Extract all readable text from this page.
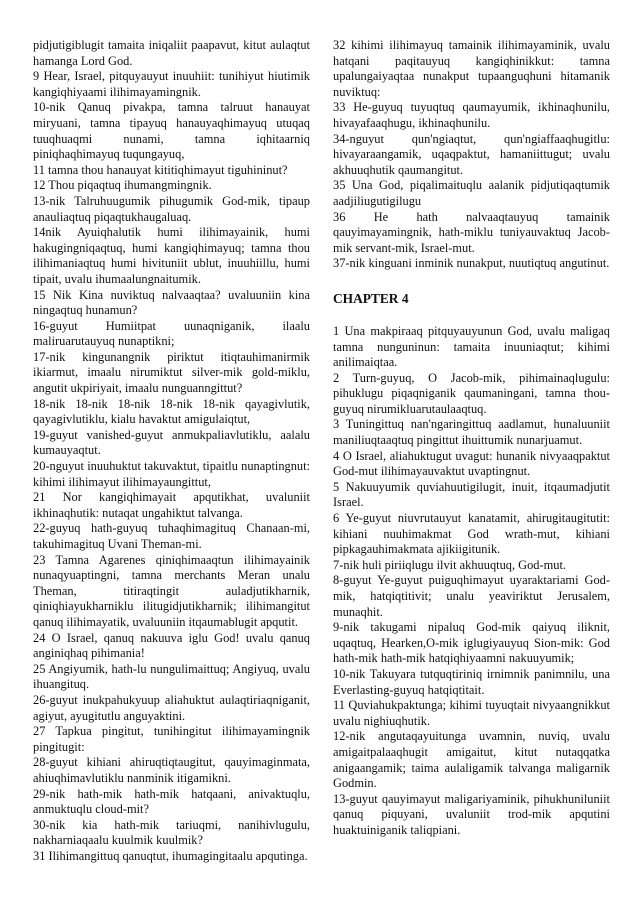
pidjutigiblugit tamaita iniqaliit paapavut, kitut aulaqtut hamanga Lord God.

9 Hear, Israel, pitquyauyut inuuhiit: tunihiyut hiutimik kangiqhiyaami ilihimayamingnik.

10-nik Qanuq pivakpa, tamna talruut hanauyat miryuani, tamna tipayuq hanauyaqhimayuq utuqaq tuuqhuaqmi nunami, tamna iqhitaarniq piniqhaqhimayuq tuqungayuq,

11 tamna thou hanauyat kititiqhimayut tiguhininut?

12 Thou piqaqtuq ihumangmingnik.

13-nik Talruhuugumik pihugumik God-mik, tipaup anauliaqtuq piqaqtukhaugaluaq.

14nik Ayuiqhalutik humi ilihimayainik, humi hakugingniqaqtuq, humi kangiqhimayuq; tamna thou ilihimaniaqtuq humi hivituniit ublut, inuuhiillu, humi tipait, uvalu ihumaalungnaitumik.

15 Nik Kina nuviktuq nalvaaqtaa? uvaluuniin kina ningaqtuq hunamun?

16-guyut Humiitpat uunaqniganik, ilaalu maliruarutauyuq nunaptikni;

17-nik kingunangnik piriktut itiqtauhimanirmik ikiarmut, imaalu nirumiktut silver-mik gold-miklu, angutit ukpiriyait, imaalu nunguanngittut?

18-nik 18-nik 18-nik 18-nik 18-nik qayagivlutik, qayagivlutiklu, kialu havaktut amigulaiqtut,

19-guyut vanished-guyut anmukpaliavlutiklu, aalalu kumauyaqtut.

20-nguyut inuuhuktut takuvaktut, tipaitlu nunaptingnut: kihimi ilihimayut ilihimayaungittut,

21 Nor kangiqhimayait apqutikhat, uvaluniit ikhinaqhutik: nutaqat ungahiktut talvanga.

22-guyuq hath-guyuq tuhaqhimagituq Chanaan-mi, takuhimagituq Uvani Theman-mi.

23 Tamna Agarenes qiniqhimaaqtun ilihimayainik nunaqyuaptingni, tamna merchants Meran unalu Theman, titiraqtingit auladjutikharnik, qiniqhiayukharniklu ilitugidjutikharnik; ilihimangitut qanuq ilihimayatik, uvaluuniin itqaumablugit apqutit.

24 O Israel, qanuq nakuuva iglu God! uvalu qanuq anginiqhaq pihimania!

25 Angiyumik, hath-lu nungulimaittuq; Angiyuq, uvalu ihuangituq.

26-guyut inukpahukyuup aliahuktut aulaqtiriaqniganit, agiyut, ayugitutlu anguyaktini.

27 Tapkua pingitut, tunihingitut ilihimayamingnik pingitugit:

28-guyut kihiani ahiruqtiqtaugitut, qauyimaginmata, ahiuqhimavlutiklu nanminik itigamikni.

29-nik hath-mik hath-mik hatqaani, anivaktuqlu, anmuktuqlu cloud-mit?

30-nik kia hath-mik tariuqmi, nanihivlugulu, nakharniaqaalu kuulmik kuulmik?

31 Ilihimangittuq qanuqtut, ihumagingitaalu apqutinga.

32 kihimi ilihimayuq tamainik ilihimayaminik, uvalu hatqani paqitauyuq kangiqhinikkut: tamna upalungaiyaqtaa nunakput tupaanguqhuni hitamanik nuviktuq:

33 He-guyuq tuyuqtuq qaumayumik, ikhinaqhunilu, hivayafaaqhugu, ikhinaqhunilu.

34-nguyut qun'ngiaqtut, qun'ngiaffaaqhugitlu: hivayaraangamik, uqaqpaktut, hamaniittugut; uvalu akhuuqhutik qaumangitut.

35 Una God, piqalimaituqlu aalanik pidjutiqaqtumik aadjiliugutigilugu

36 He hath nalvaaqtauyuq tamainik qauyimayamingnik, hath-miklu tuniyauvaktuq Jacob-mik servant-mik, Israel-mut.

37-nik kinguani inminik nunakput, nuutiqtuq angutinut.

CHAPTER 4

1 Una makpiraaq pitquyauyunun God, uvalu maligaq tamna nunguninun: tamaita inuuniaqtut; kihimi anilimaiqtaa.

2 Turn-guyuq, O Jacob-mik, pihimainaqlugulu: pihuklugu piqaqniganik qaumaningani, tamna thou-guyuq nirumikluarutaulaaqtuq.

3 Tuningittuq nan'ngaringittuq aadlamut, hunaluuniit maniliuqtaaqtuq pingittut ihuittumik nunarjuamut.

4 O Israel, aliahuktugut uvagut: hunanik nivyaaqpaktut God-mut ilihimayauvaktut uvaptingnut.

5 Nakuuyumik quviahuutigilugit, inuit, itqaumadjutit Israel.

6 Ye-guyut niuvrutauyut kanatamit, ahirugitaugitutit: kihiani nuuhimakmat God wrath-mut, kihiani pipkagauhimakmata ajikiigitunik.

7-nik huli piriiqlugu ilvit akhuuqtuq, God-mut.

8-guyut Ye-guyut puiguqhimayut uyaraktariami God-mik, hatqiqtitivit; unalu yeaviriktut Jerusalem, munaqhit.

9-nik takugami nipaluq God-mik qaiyuq iliknit, uqaqtuq, Hearken,O-mik iglugiyauyuq Sion-mik: God hath-mik hath-mik hatqiqhiyaamni nakuuyumik;

10-nik Takuyara tutquqtiriniq irnimnik panimnilu, una Everlasting-guyuq hatqiqtitait.

11 Quviahukpaktunga; kihimi tuyuqtait nivyaangnikkut uvalu nighiuqhutik.

12-nik angutaqayuitunga uvamnin, nuviq, uvalu amigaitpalaaqhugit amigaitut, kitut nutaqqatka anigaangamik; taima aulaligamik talvanga maligarnik Godmin.

13-guyut qauyimayut maligariyaminik, pihukhuniluniit qanuq piquyani, uvaluniit trod-mik apqutini huaktuiniganik taliqpiani.
